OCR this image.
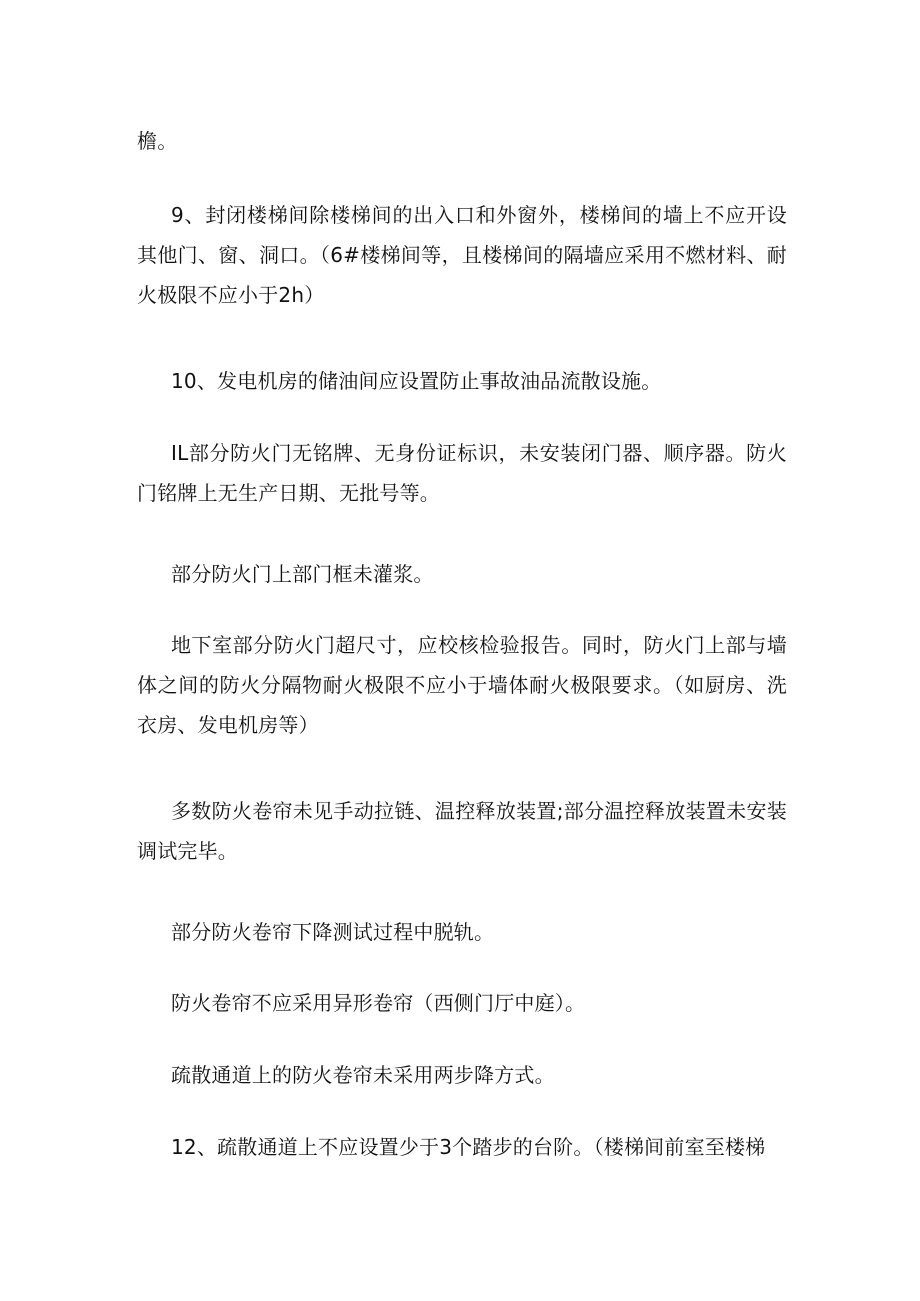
檐。

9、封闭楼梯间除楼梯间的出入口和外窗外，楼梯间的墙上不应开设其他门、窗、洞口。（6#楼梯间等，且楼梯间的隔墙应采用不燃材料、耐火极限不应小于2h）

10、发电机房的储油间应设置防止事故油品流散设施。

IL部分防火门无铭牌、无身份证标识，未安装闭门器、顺序器。防火门铭牌上无生产日期、无批号等。

部分防火门上部门框未灌浆。

地下室部分防火门超尺寸，应校核检验报告。同时，防火门上部与墙体之间的防火分隔物耐火极限不应小于墙体耐火极限要求。（如厨房、洗衣房、发电机房等）

多数防火卷帘未见手动拉链、温控释放装置;部分温控释放装置未安装调试完毕。

部分防火卷帘下降测试过程中脱轨。

防火卷帘不应采用异形卷帘（西侧门厅中庭）。

疏散通道上的防火卷帘未采用两步降方式。

12、疏散通道上不应设置少于3个踏步的台阶。（楼梯间前室至楼梯
